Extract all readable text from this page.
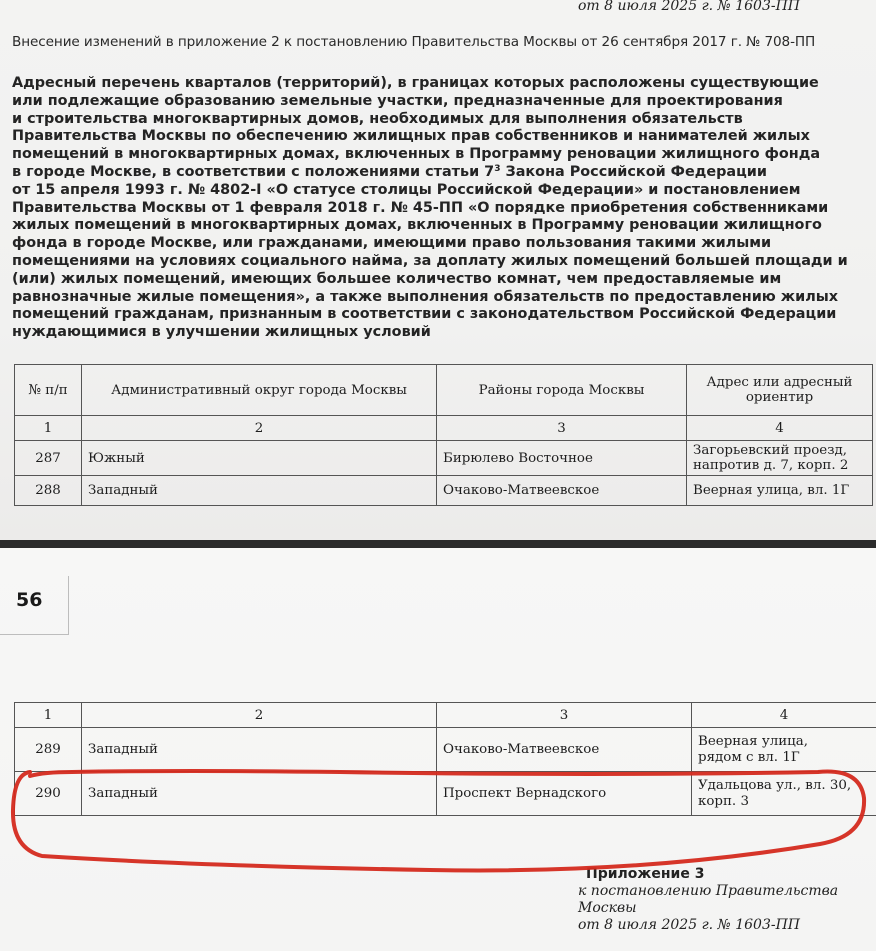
от 8 июля 2025 г. № 1603-ПП
Внесение изменений в приложение 2 к постановлению Правительства Москвы от 26 сентября 2017 г. № 708-ПП
Адресный перечень кварталов (территорий), в границах которых расположены существующие
или подлежащие образованию земельные участки, предназначенные для проектирования
и строительства многоквартирных домов, необходимых для выполнения обязательств
Правительства Москвы по обеспечению жилищных прав собственников и нанимателей жилых
помещений в многоквартирных домах, включенных в Программу реновации жилищного фонда
в городе Москве, в соответствии с положениями статьи $7^3$ Закона Российской Федерации
от 15 апреля 1993 г. № 4802-I «О статусе столицы Российской Федерации» и постановлением
Правительства Москвы от 1 февраля 2018 г. № 45-ПП «О порядке приобретения собственниками
жилых помещений в многоквартирных домах, включенных в Программу реновации жилищного
фонда в городе Москве, или гражданами, имеющими право пользования такими жилыми
помещениями на условиях социального найма, за доплату жилых помещений большей площади и
(или) жилых помещений, имеющих большее количество комнат, чем предоставляемые им
равнозначные жилые помещения», а также выполнения обязательств по предоставлению жилых
помещений гражданам, признанным в соответствии с законодательством Российской Федерации
нуждающимися в улучшении жилищных условий
№ п/п	Административный округ города Москвы	Районы города Москвы	Адрес или адресный ориентир
1	2	3	4
287	Южный	Бирюлево Восточное	Загорьевский проезд,
напротив д. 7, корп. 2

288	Западный	Очаково-Матвеевское	Веерная улица, вл. 1Г
56
1	2	3	4
289	Западный	Очаково-Матвеевское	Веерная улица,
рядом с вл. 1Г

290	Западный	Проспект Вернадского	Удальцова ул., вл. 30,
корп. 3
Приложение 3
к постановлению Правительства Москвы
от 8 июля 2025 г. № 1603-ПП
